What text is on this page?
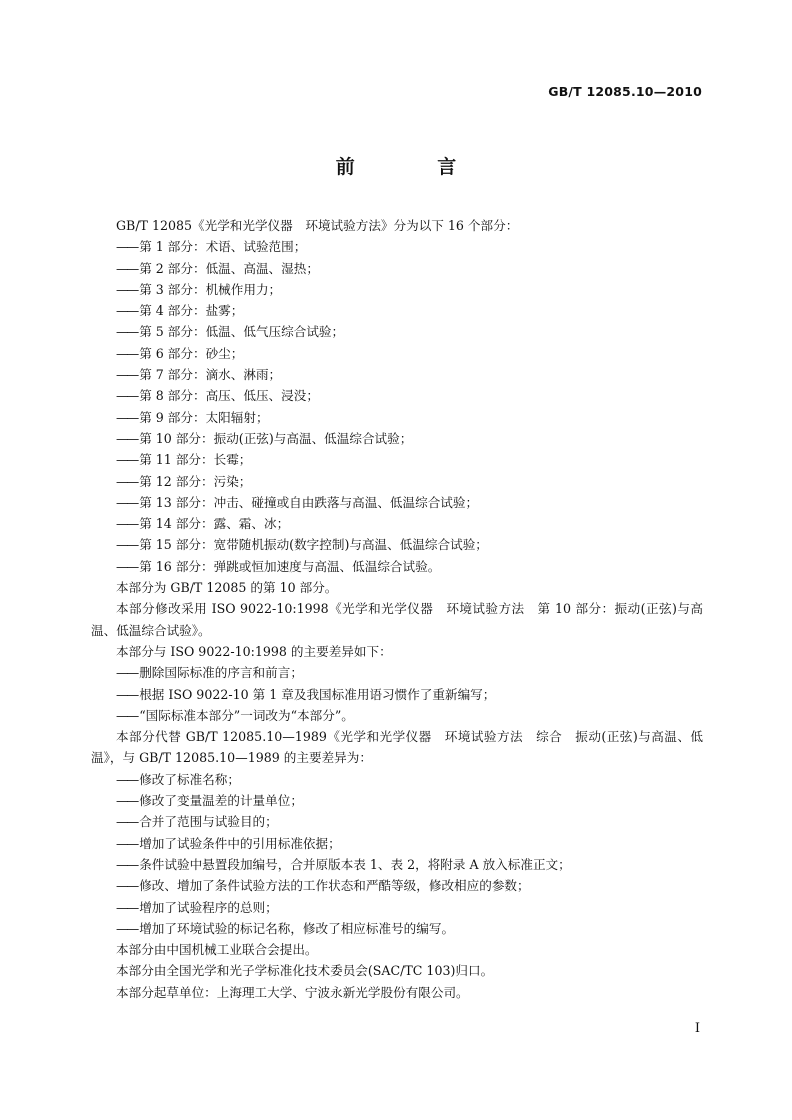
GB/T 12085.10—2010
前 言

GB/T 12085《光学和光学仪器　环境试验方法》分为以下 16 个部分：

—— 第 1 部分：术语、试验范围；

—— 第 2 部分：低温、高温、湿热；

—— 第 3 部分：机械作用力；

—— 第 4 部分：盐雾；

—— 第 5 部分：低温、低气压综合试验；

—— 第 6 部分：砂尘；

—— 第 7 部分：滴水、淋雨；

—— 第 8 部分：高压、低压、浸没；

—— 第 9 部分：太阳辐射；

—— 第 10 部分：振动(正弦)与高温、低温综合试验；

—— 第 11 部分：长霉；

—— 第 12 部分：污染；

—— 第 13 部分：冲击、碰撞或自由跌落与高温、低温综合试验；

—— 第 14 部分：露、霜、冰；

—— 第 15 部分：宽带随机振动(数字控制)与高温、低温综合试验；

—— 第 16 部分：弹跳或恒加速度与高温、低温综合试验。

本部分为 GB/T 12085 的第 10 部分。

本部分修改采用 ISO 9022-10:1998《光学和光学仪器　环境试验方法　第 10 部分：振动(正弦)与高温、低温综合试验》。

本部分与 ISO 9022-10:1998 的主要差异如下：

—— 删除国际标准的序言和前言；

—— 根据 ISO 9022-10 第 1 章及我国标准用语习惯作了重新编写；

—— “国际标准本部分”一词改为“本部分”。

本部分代替 GB/T 12085.10—1989《光学和光学仪器　环境试验方法　综合　振动(正弦)与高温、低温》，与 GB/T 12085.10—1989 的主要差异为：

—— 修改了标准名称；

—— 修改了变量温差的计量单位；

—— 合并了范围与试验目的；

—— 增加了试验条件中的引用标准依据；

—— 条件试验中悬置段加编号，合并原版本表 1、表 2，将附录 A 放入标准正文；

—— 修改、增加了条件试验方法的工作状态和严酷等级，修改相应的参数；

—— 增加了试验程序的总则；

—— 增加了环境试验的标记名称，修改了相应标准号的编写。

本部分由中国机械工业联合会提出。

本部分由全国光学和光子学标准化技术委员会(SAC/TC 103)归口。

本部分起草单位：上海理工大学、宁波永新光学股份有限公司。

I
